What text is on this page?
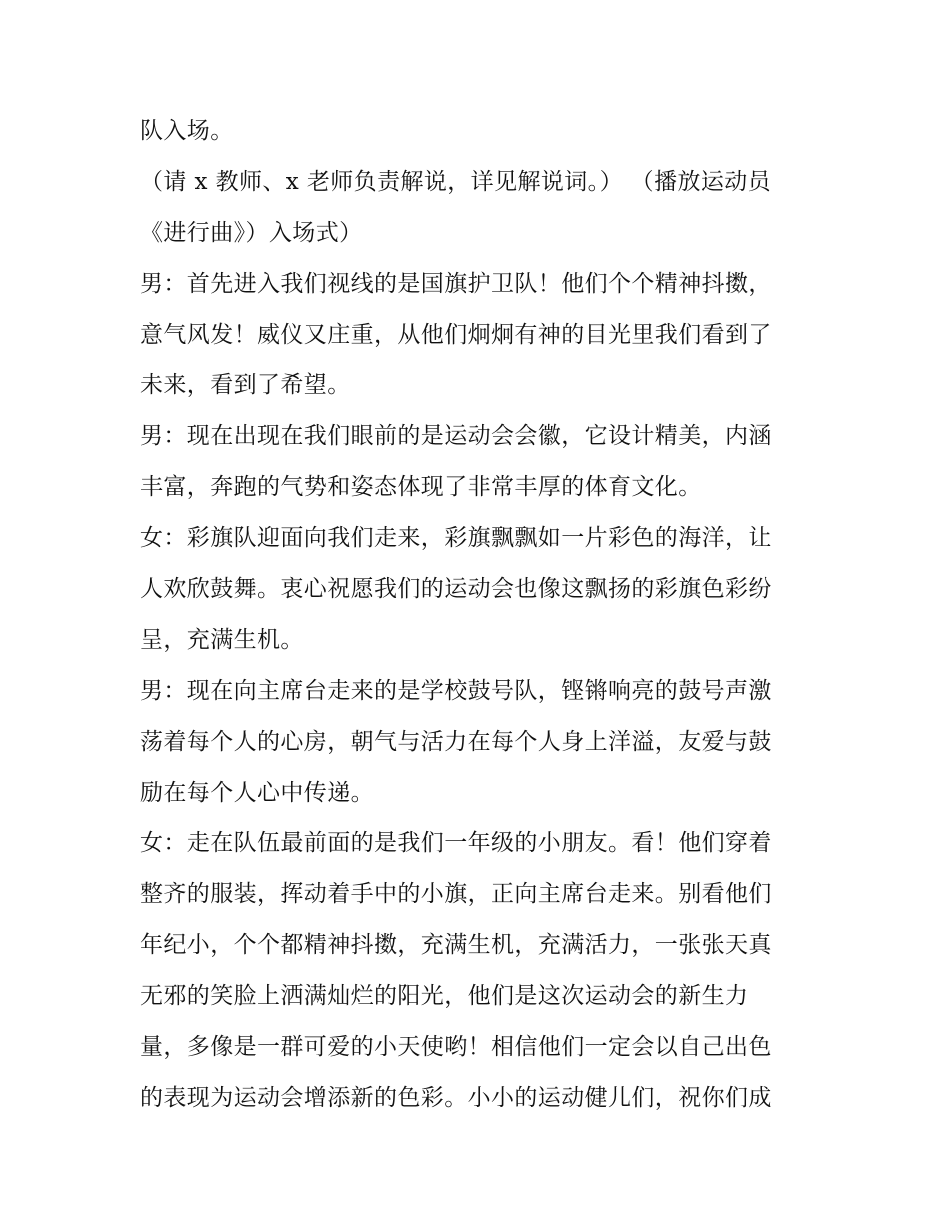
队入场。
（请 x 教师、x 老师负责解说，详见解说词。） （播放运动员
《进行曲》）入场式）
男：首先进入我们视线的是国旗护卫队！他们个个精神抖擞，
意气风发！威仪又庄重，从他们炯炯有神的目光里我们看到了
未来，看到了希望。
男：现在出现在我们眼前的是运动会会徽，它设计精美，内涵
丰富，奔跑的气势和姿态体现了非常丰厚的体育文化。
女：彩旗队迎面向我们走来，彩旗飘飘如一片彩色的海洋，让
人欢欣鼓舞。衷心祝愿我们的运动会也像这飘扬的彩旗色彩纷
呈，充满生机。
男：现在向主席台走来的是学校鼓号队，铿锵响亮的鼓号声激
荡着每个人的心房，朝气与活力在每个人身上洋溢，友爱与鼓
励在每个人心中传递。
女：走在队伍最前面的是我们一年级的小朋友。看！他们穿着
整齐的服装，挥动着手中的小旗，正向主席台走来。别看他们
年纪小，个个都精神抖擞，充满生机，充满活力，一张张天真
无邪的笑脸上洒满灿烂的阳光，他们是这次运动会的新生力
量，多像是一群可爱的小天使哟！相信他们一定会以自己出色
的表现为运动会增添新的色彩。小小的运动健儿们，祝你们成
